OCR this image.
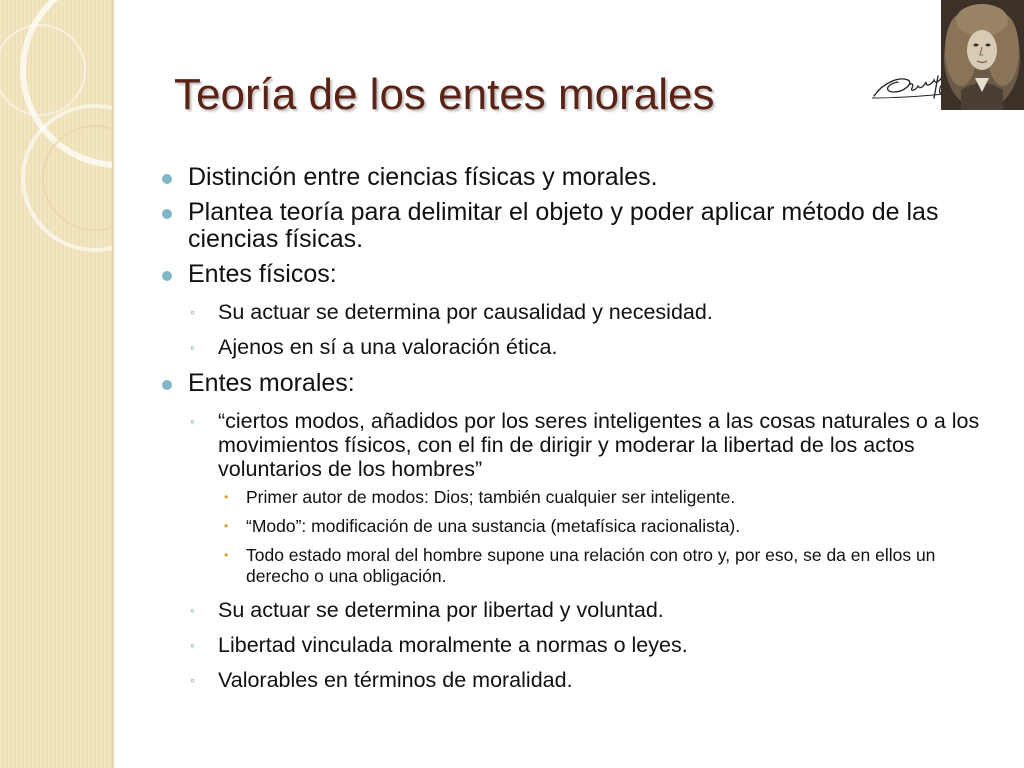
Teoría de los entes morales
Distinción entre ciencias físicas y morales.
Plantea teoría para delimitar el objeto y poder aplicar método de las ciencias físicas.
Entes físicos:
◦ Su actuar se determina por causalidad y necesidad.
◦ Ajenos en sí a una valoración ética.
Entes morales:
◦ “ciertos modos, añadidos por los seres inteligentes a las cosas naturales o a los movimientos físicos, con el fin de dirigir y moderar la libertad de los actos voluntarios de los hombres”
• Primer autor de modos: Dios; también cualquier ser inteligente.
• “Modo”: modificación de una sustancia (metafísica racionalista).
• Todo estado moral del hombre supone una relación con otro y, por eso, se da en ellos un derecho o una obligación.
◦ Su actuar se determina por libertad y voluntad.
◦ Libertad vinculada moralmente a normas o leyes.
◦ Valorables en términos de moralidad.
